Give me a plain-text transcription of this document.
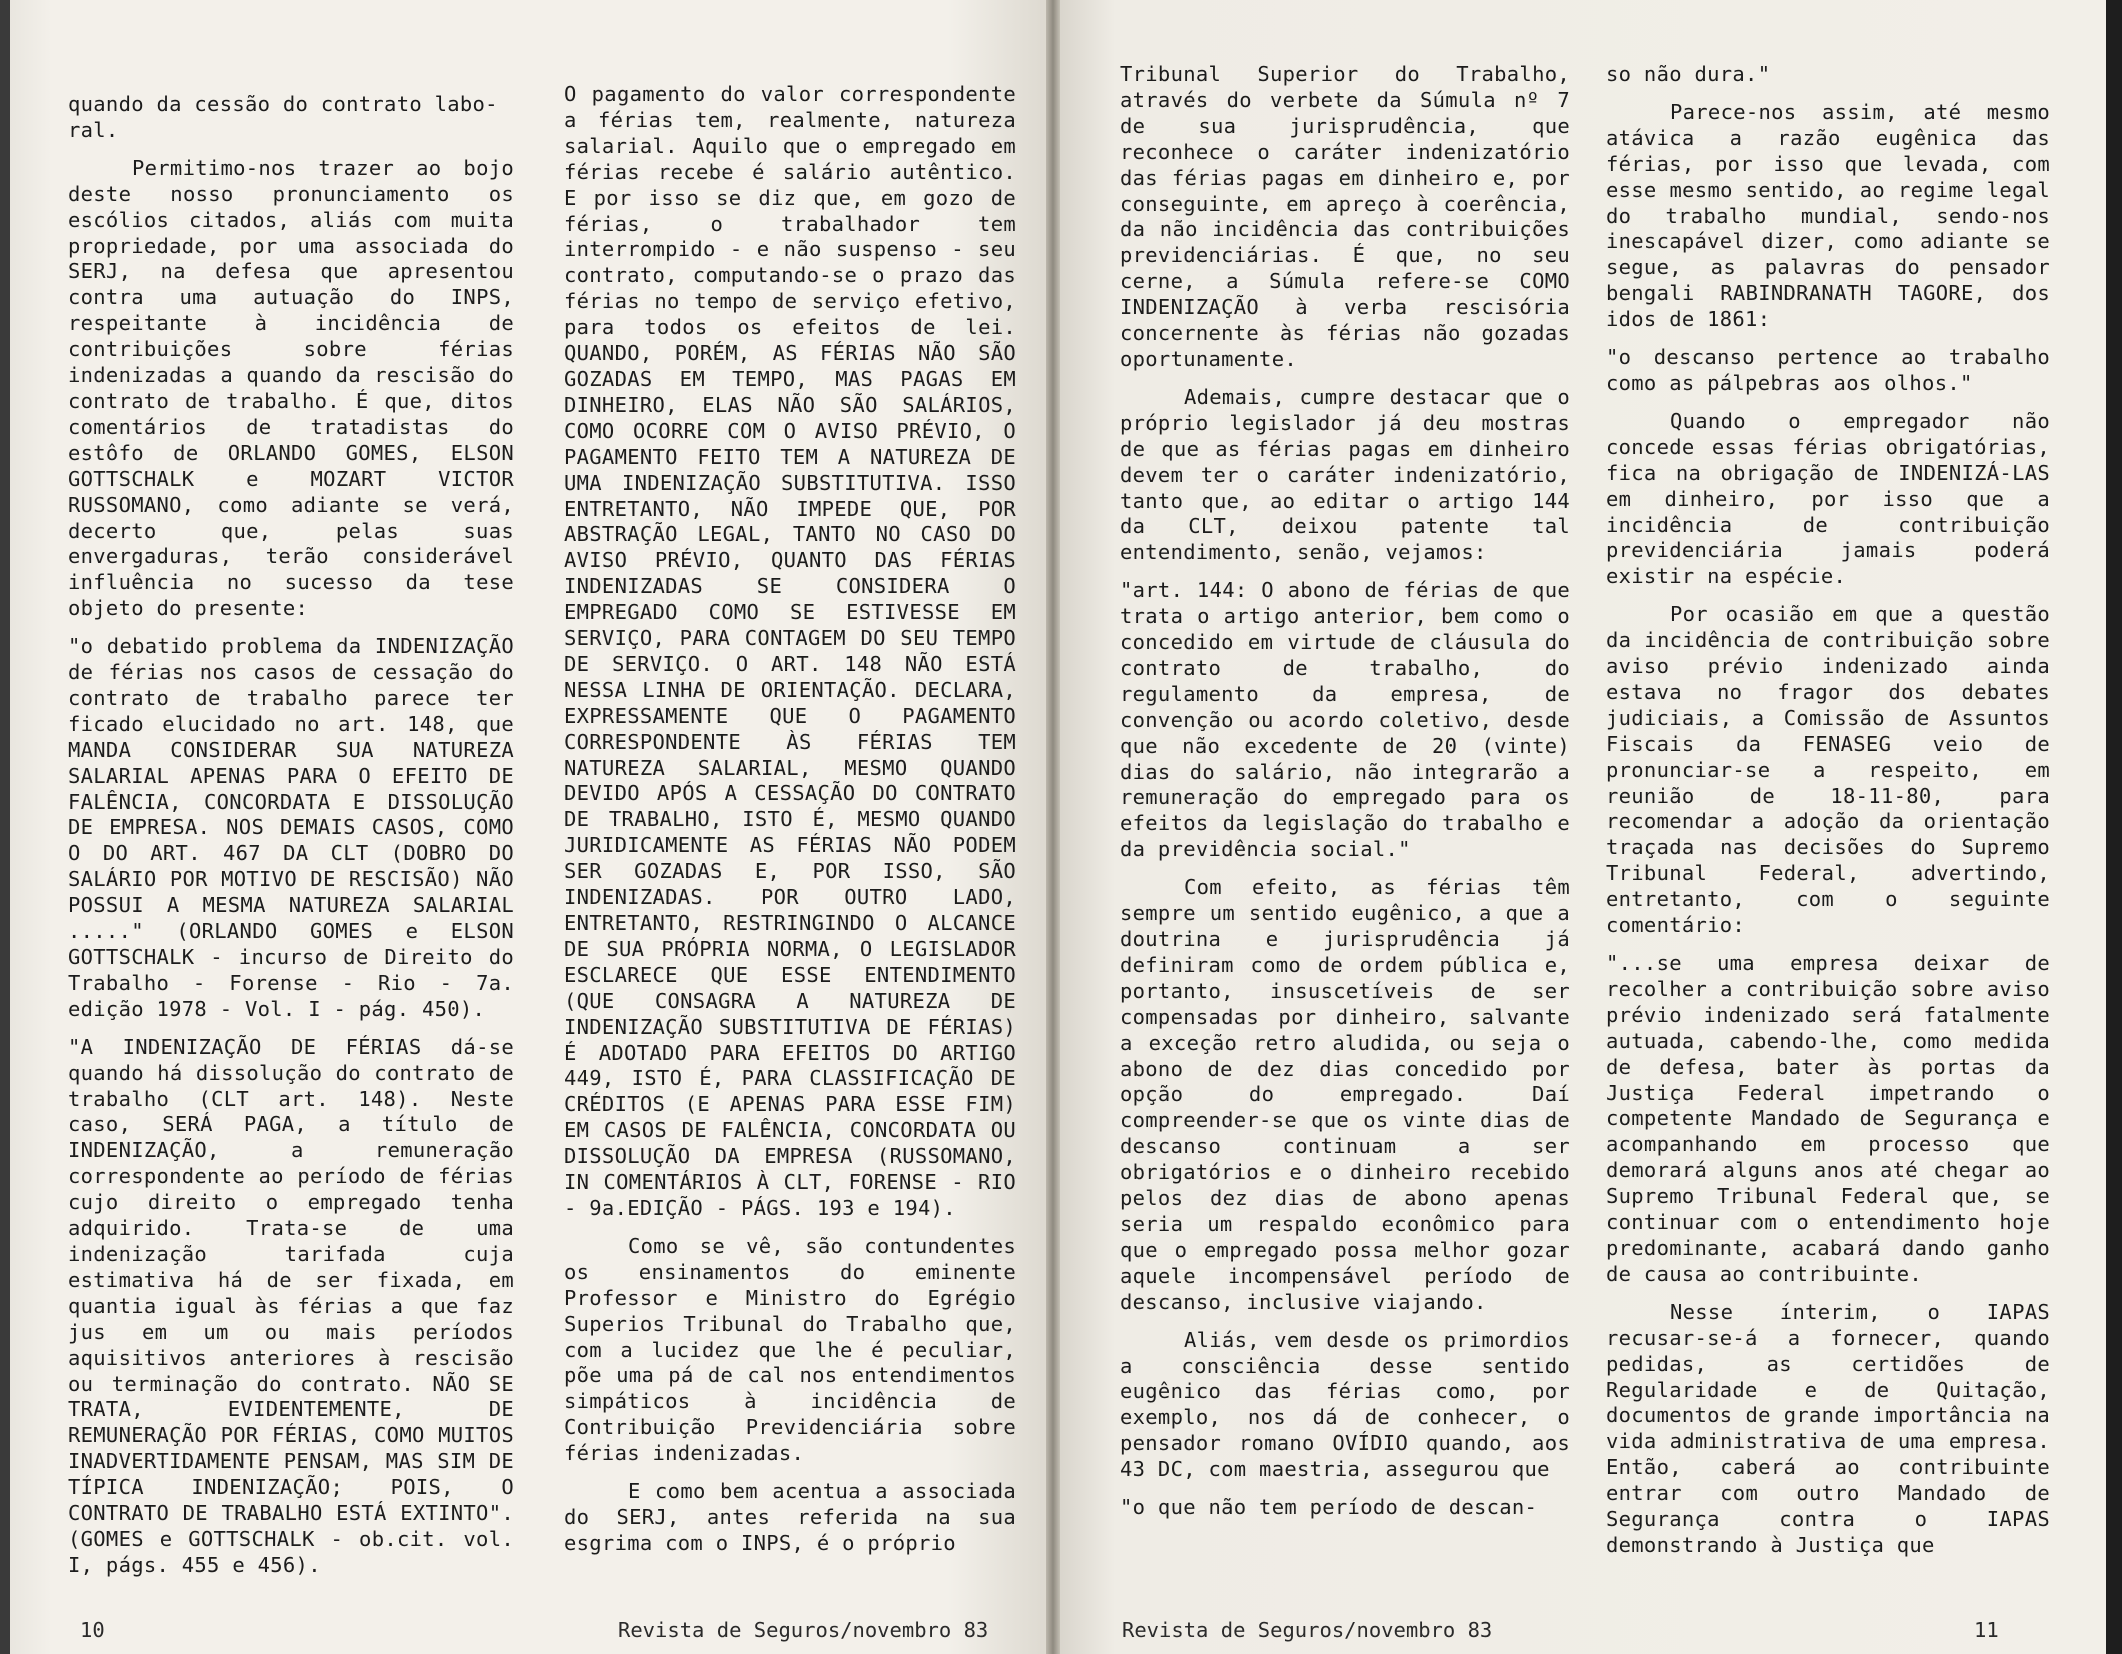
quando da cessão do contrato labo-
ral.

Permitimo-nos trazer ao bojo deste nosso pronunciamento os escólios citados, aliás com muita propriedade, por uma associada do SERJ, na defesa que apresentou contra uma autuação do INPS, respeitante à incidência de contribuições sobre férias indenizadas a quando da rescisão do contrato de trabalho. É que, ditos comentários de tratadistas do estôfo de ORLANDO GOMES, ELSON GOTTSCHALK e MOZART VICTOR RUSSOMANO, como adiante se verá, decerto que, pelas suas envergaduras, terão considerável influência no sucesso da tese objeto do presente:

"o debatido problema da INDENIZAÇÃO de férias nos casos de cessação do contrato de trabalho parece ter ficado elucidado no art. 148, que MANDA CONSIDERAR SUA NATUREZA SALARIAL APENAS PARA O EFEITO DE FALÊNCIA, CONCORDATA E DISSOLUÇÃO DE EMPRESA. NOS DEMAIS CASOS, COMO O DO ART. 467 DA CLT (DOBRO DO SALÁRIO POR MOTIVO DE RESCISÃO) NÃO POSSUI A MESMA NATUREZA SALARIAL ....." (ORLANDO GOMES e ELSON GOTTSCHALK - incurso de Direito do Trabalho - Forense - Rio - 7a. edição 1978 - Vol. I - pág. 450).

"A INDENIZAÇÃO DE FÉRIAS dá-se quando há dissolução do contrato de trabalho (CLT art. 148). Neste caso, SERÁ PAGA, a título de INDENIZAÇÃO, a remuneração correspondente ao período de férias cujo direito o empregado tenha adquirido. Trata-se de uma indenização tarifada cuja estimativa há de ser fixada, em quantia igual às férias a que faz jus em um ou mais períodos aquisitivos anteriores à rescisão ou terminação do contrato. NÃO SE TRATA, EVIDENTEMENTE, DE REMUNERAÇÃO POR FÉRIAS, COMO MUITOS INADVERTIDAMENTE PENSAM, MAS SIM DE TÍPICA INDENIZAÇÃO; POIS, O CONTRATO DE TRABALHO ESTÁ EXTINTO". (GOMES e GOTTSCHALK - ob.cit. vol. I, págs. 455 e 456).

O pagamento do valor correspondente a férias tem, realmente, natureza salarial. Aquilo que o empregado em férias recebe é salário autêntico. E por isso se diz que, em gozo de férias, o trabalhador tem interrompido - e não suspenso - seu contrato, computando-se o prazo das férias no tempo de serviço efetivo, para todos os efeitos de lei. QUANDO, PORÉM, AS FÉRIAS NÃO SÃO GOZADAS EM TEMPO, MAS PAGAS EM DINHEIRO, ELAS NÃO SÃO SALÁRIOS, COMO OCORRE COM O AVISO PRÉVIO, O PAGAMENTO FEITO TEM A NATUREZA DE UMA INDENIZAÇÃO SUBSTITUTIVA. ISSO ENTRETANTO, NÃO IMPEDE QUE, POR ABSTRAÇÃO LEGAL, TANTO NO CASO DO AVISO PRÉVIO, QUANTO DAS FÉRIAS INDENIZADAS SE CONSIDERA O EMPREGADO COMO SE ESTIVESSE EM SERVIÇO, PARA CONTAGEM DO SEU TEMPO DE SERVIÇO. O ART. 148 NÃO ESTÁ NESSA LINHA DE ORIENTAÇÃO. DECLARA, EXPRESSAMENTE QUE O PAGAMENTO CORRESPONDENTE ÀS FÉRIAS TEM NATUREZA SALARIAL, MESMO QUANDO DEVIDO APÓS A CESSAÇÃO DO CONTRATO DE TRABALHO, ISTO É, MESMO QUANDO JURIDICAMENTE AS FÉRIAS NÃO PODEM SER GOZADAS E, POR ISSO, SÃO INDENIZADAS. POR OUTRO LADO, ENTRETANTO, RESTRINGINDO O ALCANCE DE SUA PRÓPRIA NORMA, O LEGISLADOR ESCLARECE QUE ESSE ENTENDIMENTO (QUE CONSAGRA A NATUREZA DE INDENIZAÇÃO SUBSTITUTIVA DE FÉRIAS) É ADOTADO PARA EFEITOS DO ARTIGO 449, ISTO É, PARA CLASSIFICAÇÃO DE CRÉDITOS (E APENAS PARA ESSE FIM) EM CASOS DE FALÊNCIA, CONCORDATA OU DISSOLUÇÃO DA EMPRESA (RUSSOMANO, IN COMENTÁRIOS À CLT, FORENSE - RIO - 9a.EDIÇÃO - PÁGS. 193 e 194).

Como se vê, são contundentes os ensinamentos do eminente Professor e Ministro do Egrégio Superios Tribunal do Trabalho que, com a lucidez que lhe é peculiar, põe uma pá de cal nos entendimentos simpáticos à incidência de Contribuição Previdenciária sobre férias indenizadas.

E como bem acentua a associada do SERJ, antes referida na sua esgrima com o INPS, é o próprio

Tribunal Superior do Trabalho, através do verbete da Súmula nº 7 de sua jurisprudência, que reconhece o caráter indenizatório das férias pagas em dinheiro e, por conseguinte, em apreço à coerência, da não incidência das contribuições previdenciárias. É que, no seu cerne, a Súmula refere-se COMO INDENIZAÇÃO à verba rescisória concernente às férias não gozadas oportunamente.

Ademais, cumpre destacar que o próprio legislador já deu mostras de que as férias pagas em dinheiro devem ter o caráter indenizatório, tanto que, ao editar o artigo 144 da CLT, deixou patente tal entendimento, senão, vejamos:

"art. 144: O abono de férias de que trata o artigo anterior, bem como o concedido em virtude de cláusula do contrato de trabalho, do regulamento da empresa, de convenção ou acordo coletivo, desde que não excedente de 20 (vinte) dias do salário, não integrarão a remuneração do empregado para os efeitos da legislação do trabalho e da previdência social."

Com efeito, as férias têm sempre um sentido eugênico, a que a doutrina e jurisprudência já definiram como de ordem pública e, portanto, insuscetíveis de ser compensadas por dinheiro, salvante a exceção retro aludida, ou seja o abono de dez dias concedido por opção do empregado. Daí compreender-se que os vinte dias de descanso continuam a ser obrigatórios e o dinheiro recebido pelos dez dias de abono apenas seria um respaldo econômico para que o empregado possa melhor gozar aquele incompensável período de descanso, inclusive viajando.

Aliás, vem desde os primordios a consciência desse sentido eugênico das férias como, por exemplo, nos dá de conhecer, o pensador romano OVÍDIO quando, aos 43 DC, com maestria, assegurou que

"o que não tem período de descan-

so não dura."

Parece-nos assim, até mesmo atávica a razão eugênica das férias, por isso que levada, com esse mesmo sentido, ao regime legal do trabalho mundial, sendo-nos inescapável dizer, como adiante se segue, as palavras do pensador bengali RABINDRANATH TAGORE, dos idos de 1861:

"o descanso pertence ao trabalho como as pálpebras aos olhos."

Quando o empregador não concede essas férias obrigatórias, fica na obrigação de INDENIZÁ-LAS em dinheiro, por isso que a incidência de contribuição previdenciária jamais poderá existir na espécie.

Por ocasião em que a questão da incidência de contribuição sobre aviso prévio indenizado ainda estava no fragor dos debates judiciais, a Comissão de Assuntos Fiscais da FENASEG veio de pronunciar-se a respeito, em reunião de 18-11-80, para recomendar a adoção da orientação traçada nas decisões do Supremo Tribunal Federal, advertindo, entretanto, com o seguinte comentário:

"...se uma empresa deixar de recolher a contribuição sobre aviso prévio indenizado será fatalmente autuada, cabendo-lhe, como medida de defesa, bater às portas da Justiça Federal impetrando o competente Mandado de Segurança e acompanhando em processo que demorará alguns anos até chegar ao Supremo Tribunal Federal que, se continuar com o entendimento hoje predominante, acabará dando ganho de causa ao contribuinte.

Nesse ínterim, o IAPAS recusar-se-á a fornecer, quando pedidas, as certidões de Regularidade e de Quitação, documentos de grande importância na vida administrativa de uma empresa. Então, caberá ao contribuinte entrar com outro Mandado de Segurança contra o IAPAS demonstrando à Justiça que

10	Revista de Seguros/novembro 83	Revista de Seguros/novembro 83	11
